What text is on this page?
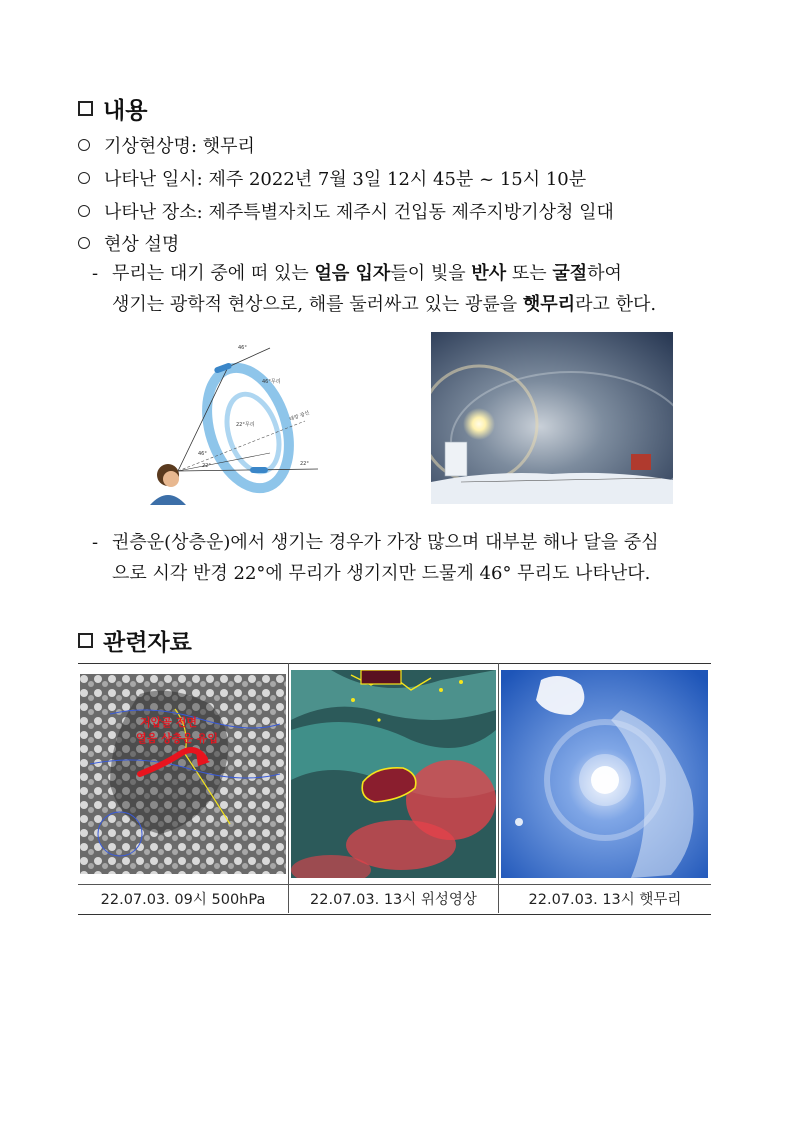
내용
기상현상명: 햇무리
나타난 일시: 제주 2022년 7월 3일 12시 45분 ~ 15시 10분
나타난 장소: 제주특별자치도 제주시 건입동 제주지방기상청 일대
현상 설명
- 무리는 대기 중에 떠 있는 얼음 입자들이 빛을 반사 또는 굴절하여
생기는 광학적 현상으로, 해를 둘러싸고 있는 광륜을 햇무리라고 한다.
46°
46°무리
22°무리
태양 광선
46°
22°	22°
- 권층운(상층운)에서 생기는 경우가 가장 많으며 대부분 해나 달을 중심
으로 시각 반경 22°에 무리가 생기지만 드물게 46° 무리도 나타난다.
관련자료
저압골 전면
열음 상층운 유입
22.07.03. 09시 500hPa	22.07.03. 13시 위성영상	22.07.03. 13시 햇무리
